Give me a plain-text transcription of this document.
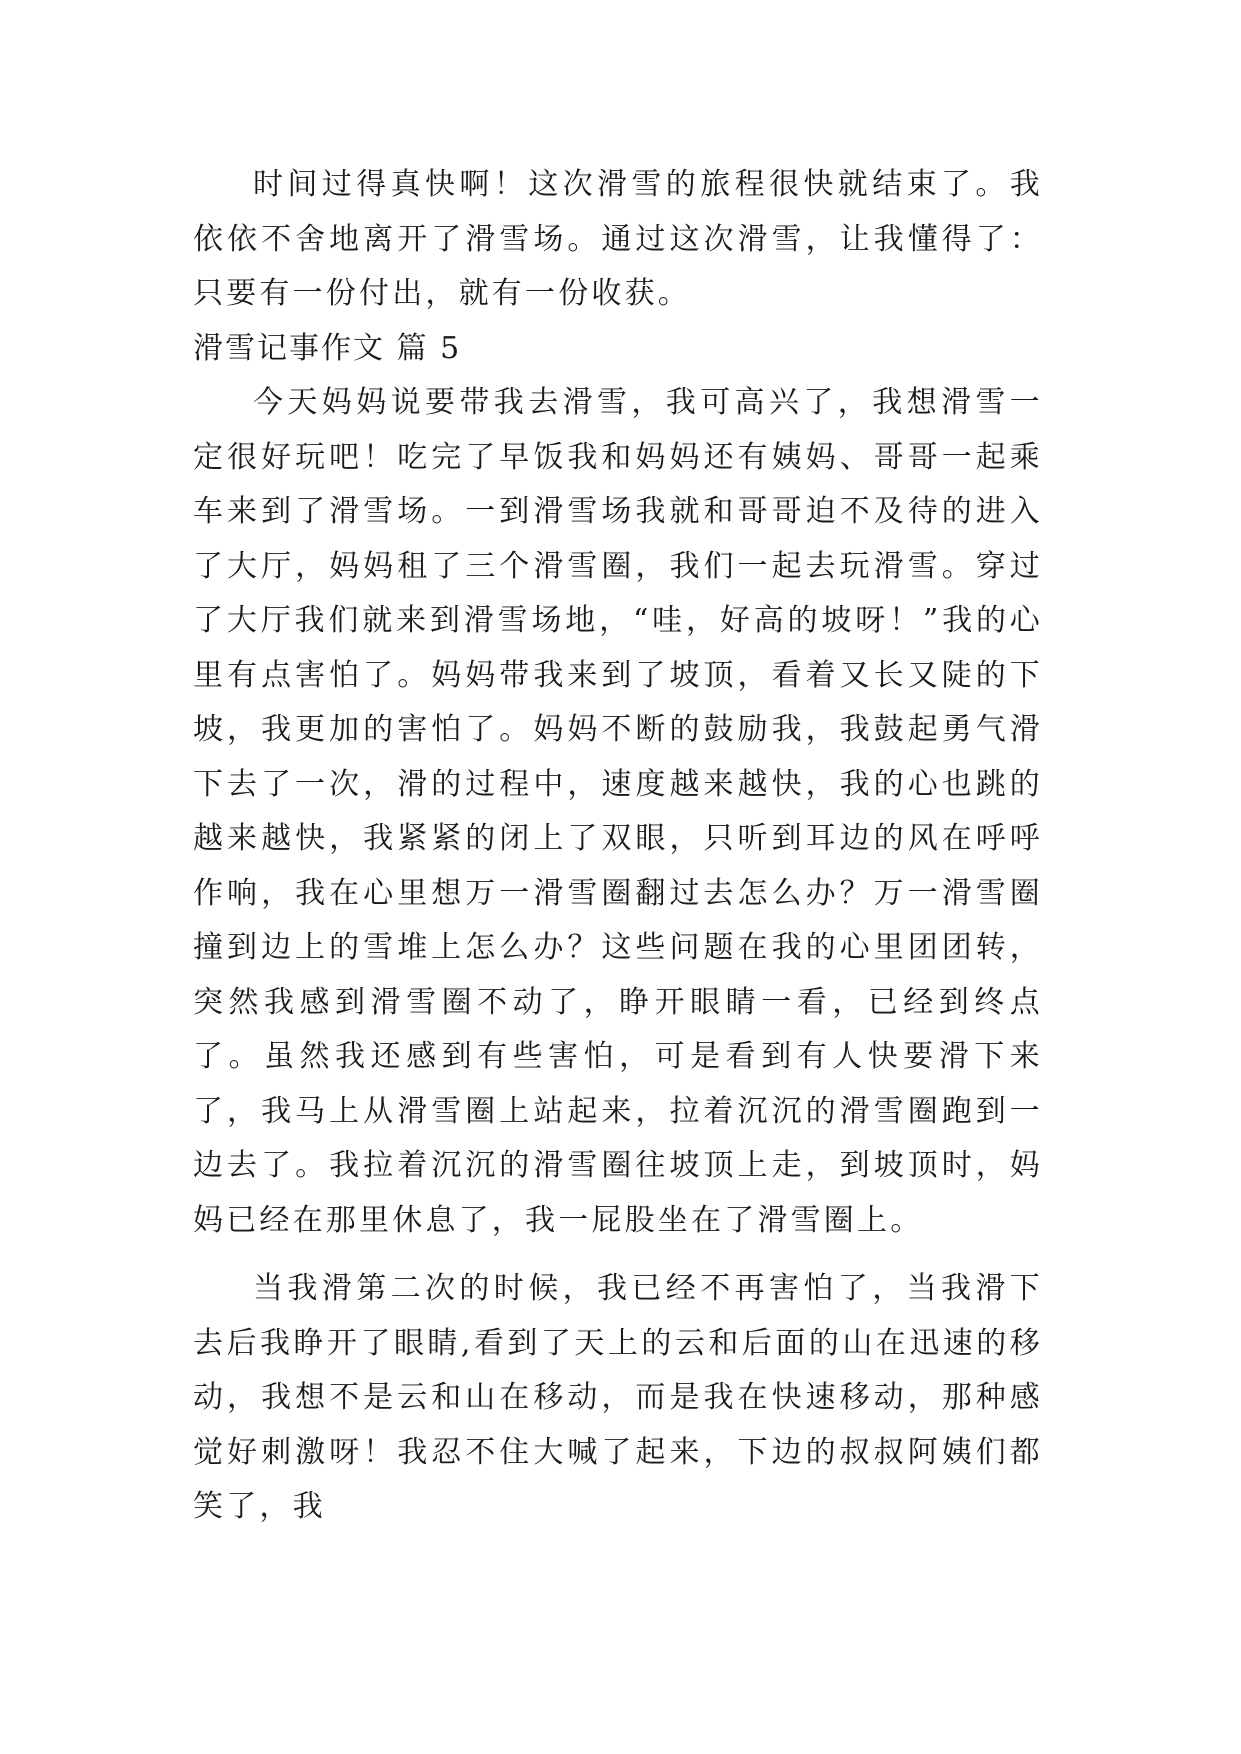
时间过得真快啊！这次滑雪的旅程很快就结束了。我依依不舍地离开了滑雪场。通过这次滑雪，让我懂得了：只要有一份付出，就有一份收获。

滑雪记事作文 篇 5

今天妈妈说要带我去滑雪，我可高兴了，我想滑雪一定很好玩吧！吃完了早饭我和妈妈还有姨妈、哥哥一起乘车来到了滑雪场。一到滑雪场我就和哥哥迫不及待的进入了大厅，妈妈租了三个滑雪圈，我们一起去玩滑雪。穿过了大厅我们就来到滑雪场地，“哇，好高的坡呀！”我的心里有点害怕了。妈妈带我来到了坡顶，看着又长又陡的下坡，我更加的害怕了。妈妈不断的鼓励我，我鼓起勇气滑下去了一次，滑的过程中，速度越来越快，我的心也跳的越来越快，我紧紧的闭上了双眼，只听到耳边的风在呼呼作响，我在心里想万一滑雪圈翻过去怎么办？万一滑雪圈撞到边上的雪堆上怎么办？这些问题在我的心里团团转，突然我感到滑雪圈不动了，睁开眼睛一看，已经到终点了。虽然我还感到有些害怕，可是看到有人快要滑下来了，我马上从滑雪圈上站起来，拉着沉沉的滑雪圈跑到一边去了。我拉着沉沉的滑雪圈往坡顶上走，到坡顶时，妈妈已经在那里休息了，我一屁股坐在了滑雪圈上。

当我滑第二次的时候，我已经不再害怕了，当我滑下去后我睁开了眼睛,看到了天上的云和后面的山在迅速的移动，我想不是云和山在移动，而是我在快速移动，那种感觉好刺激呀！我忍不住大喊了起来，下边的叔叔阿姨们都笑了，我
